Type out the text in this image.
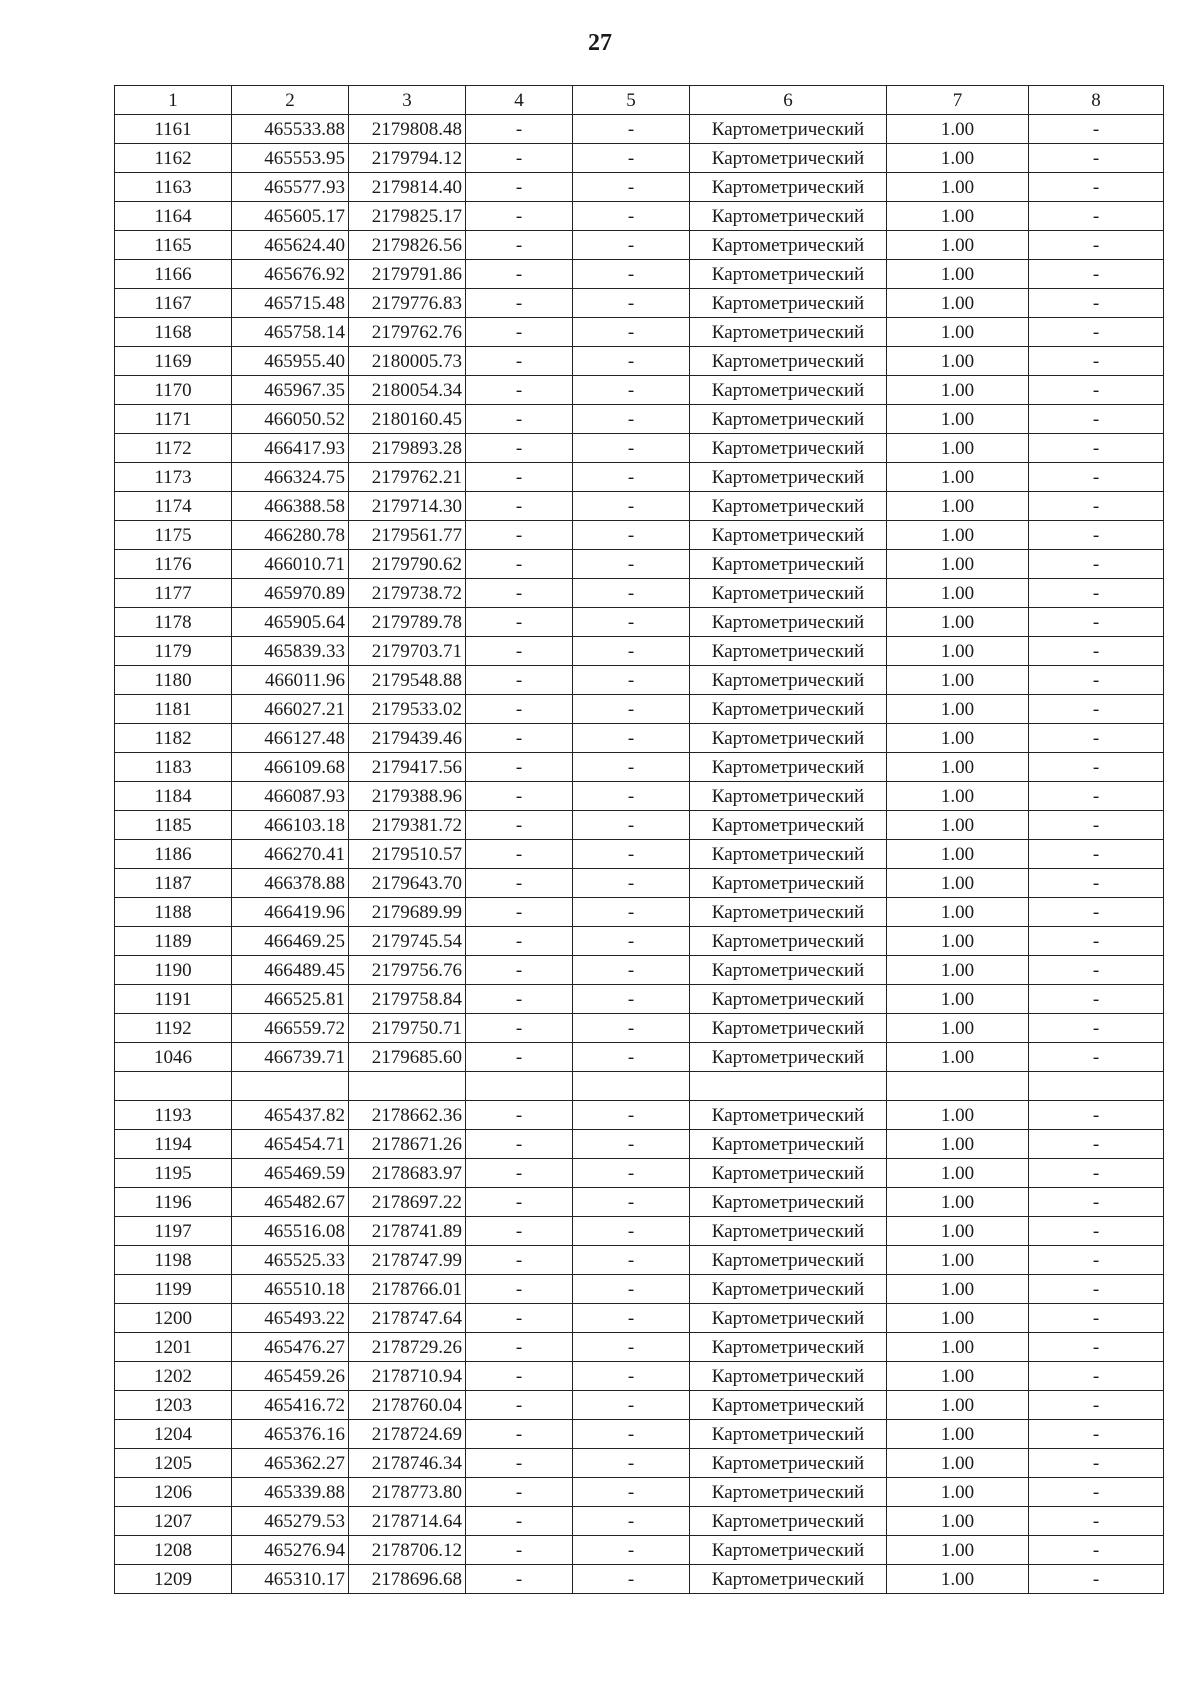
27
1	2	3	4	5	6	7	8
1161	465533.88	2179808.48	-	-	Картометрический	1.00	-
1162	465553.95	2179794.12	-	-	Картометрический	1.00	-
1163	465577.93	2179814.40	-	-	Картометрический	1.00	-
1164	465605.17	2179825.17	-	-	Картометрический	1.00	-
1165	465624.40	2179826.56	-	-	Картометрический	1.00	-
1166	465676.92	2179791.86	-	-	Картометрический	1.00	-
1167	465715.48	2179776.83	-	-	Картометрический	1.00	-
1168	465758.14	2179762.76	-	-	Картометрический	1.00	-
1169	465955.40	2180005.73	-	-	Картометрический	1.00	-
1170	465967.35	2180054.34	-	-	Картометрический	1.00	-
1171	466050.52	2180160.45	-	-	Картометрический	1.00	-
1172	466417.93	2179893.28	-	-	Картометрический	1.00	-
1173	466324.75	2179762.21	-	-	Картометрический	1.00	-
1174	466388.58	2179714.30	-	-	Картометрический	1.00	-
1175	466280.78	2179561.77	-	-	Картометрический	1.00	-
1176	466010.71	2179790.62	-	-	Картометрический	1.00	-
1177	465970.89	2179738.72	-	-	Картометрический	1.00	-
1178	465905.64	2179789.78	-	-	Картометрический	1.00	-
1179	465839.33	2179703.71	-	-	Картометрический	1.00	-
1180	466011.96	2179548.88	-	-	Картометрический	1.00	-
1181	466027.21	2179533.02	-	-	Картометрический	1.00	-
1182	466127.48	2179439.46	-	-	Картометрический	1.00	-
1183	466109.68	2179417.56	-	-	Картометрический	1.00	-
1184	466087.93	2179388.96	-	-	Картометрический	1.00	-
1185	466103.18	2179381.72	-	-	Картометрический	1.00	-
1186	466270.41	2179510.57	-	-	Картометрический	1.00	-
1187	466378.88	2179643.70	-	-	Картометрический	1.00	-
1188	466419.96	2179689.99	-	-	Картометрический	1.00	-
1189	466469.25	2179745.54	-	-	Картометрический	1.00	-
1190	466489.45	2179756.76	-	-	Картометрический	1.00	-
1191	466525.81	2179758.84	-	-	Картометрический	1.00	-
1192	466559.72	2179750.71	-	-	Картометрический	1.00	-
1046	466739.71	2179685.60	-	-	Картометрический	1.00	-

1193	465437.82	2178662.36	-	-	Картометрический	1.00	-
1194	465454.71	2178671.26	-	-	Картометрический	1.00	-
1195	465469.59	2178683.97	-	-	Картометрический	1.00	-
1196	465482.67	2178697.22	-	-	Картометрический	1.00	-
1197	465516.08	2178741.89	-	-	Картометрический	1.00	-
1198	465525.33	2178747.99	-	-	Картометрический	1.00	-
1199	465510.18	2178766.01	-	-	Картометрический	1.00	-
1200	465493.22	2178747.64	-	-	Картометрический	1.00	-
1201	465476.27	2178729.26	-	-	Картометрический	1.00	-
1202	465459.26	2178710.94	-	-	Картометрический	1.00	-
1203	465416.72	2178760.04	-	-	Картометрический	1.00	-
1204	465376.16	2178724.69	-	-	Картометрический	1.00	-
1205	465362.27	2178746.34	-	-	Картометрический	1.00	-
1206	465339.88	2178773.80	-	-	Картометрический	1.00	-
1207	465279.53	2178714.64	-	-	Картометрический	1.00	-
1208	465276.94	2178706.12	-	-	Картометрический	1.00	-
1209	465310.17	2178696.68	-	-	Картометрический	1.00	-
